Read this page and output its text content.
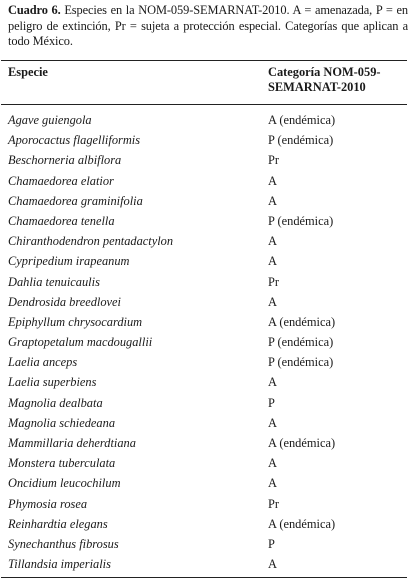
Cuadro 6. Especies en la NOM-059-SEMARNAT-2010. A = amenazada, P = en peligro de extinción, Pr = sujeta a protección especial. Categorías que aplican a todo México.
Especie	Categoría NOM-059-SEMARNAT-2010
Agave guiengola	A (endémica)
Aporocactus flagelliformis	P (endémica)
Beschorneria albiflora	Pr
Chamaedorea elatior	A
Chamaedorea graminifolia	A
Chamaedorea tenella	P (endémica)
Chiranthodendron pentadactylon	A
Cypripedium irapeanum	A
Dahlia tenuicaulis	Pr
Dendrosida breedlovei	A
Epiphyllum chrysocardium	A (endémica)
Graptopetalum macdougallii	P (endémica)
Laelia anceps	P (endémica)
Laelia superbiens	A
Magnolia dealbata	P
Magnolia schiedeana	A
Mammillaria deherdtiana	A (endémica)
Monstera tuberculata	A
Oncidium leucochilum	A
Phymosia rosea	Pr
Reinhardtia elegans	A (endémica)
Synechanthus fibrosus	P
Tillandsia imperialis	A
